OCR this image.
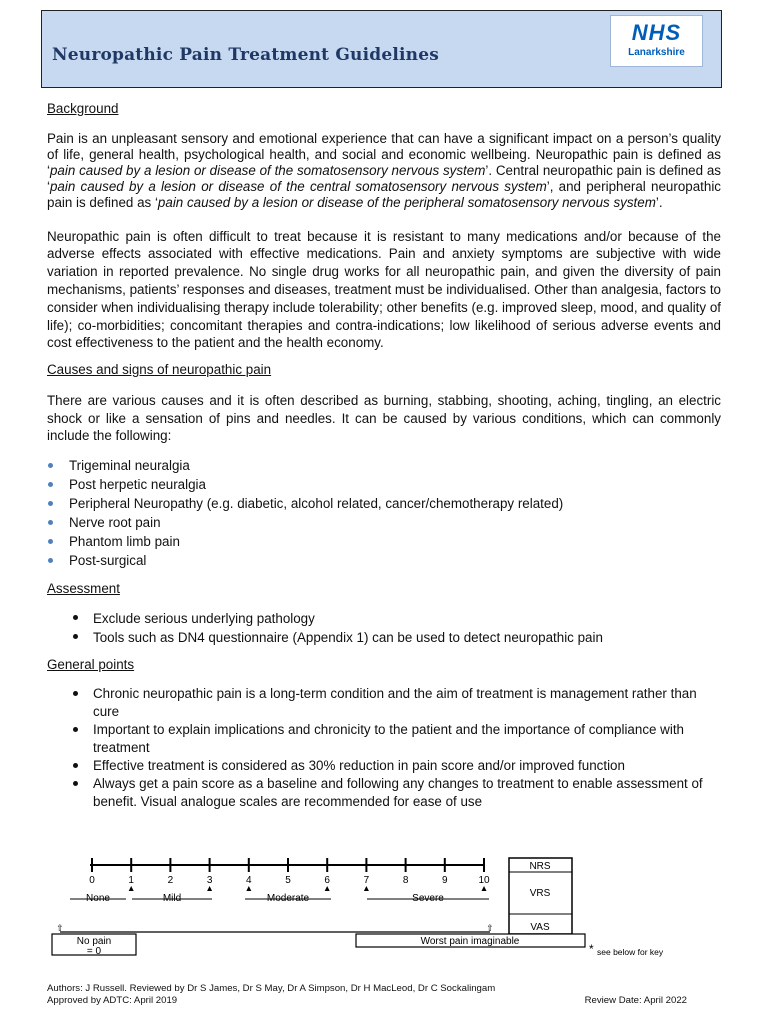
Neuropathic Pain Treatment Guidelines
NHS
Lanarkshire
Background

Pain is an unpleasant sensory and emotional experience that can have a significant impact on a person’s quality of life, general health, psychological health, and social and economic wellbeing. Neuropathic pain is defined as ‘pain caused by a lesion or disease of the somatosensory nervous system’. Central neuropathic pain is defined as ‘pain caused by a lesion or disease of the central somatosensory nervous system’, and peripheral neuropathic pain is defined as ‘pain caused by a lesion or disease of the peripheral somatosensory nervous system’.

Neuropathic pain is often difficult to treat because it is resistant to many medications and/or because of the adverse effects associated with effective medications. Pain and anxiety symptoms are subjective with wide variation in reported prevalence. No single drug works for all neuropathic pain, and given the diversity of pain mechanisms, patients’ responses and diseases, treatment must be individualised. Other than analgesia, factors to consider when individualising therapy include tolerability; other benefits (e.g. improved sleep, mood, and quality of life); co-morbidities; concomitant therapies and contra-indications; low likelihood of serious adverse events and cost effectiveness to the patient and the health economy.

Causes and signs of neuropathic pain

There are various causes and it is often described as burning, stabbing, shooting, aching, tingling, an electric shock or like a sensation of pins and needles. It can be caused by various conditions, which can commonly include the following:

Trigeminal neuralgia
Post herpetic neuralgia
Peripheral Neuropathy (e.g. diabetic, alcohol related, cancer/chemotherapy related)
Nerve root pain
Phantom limb pain
Post-surgical
Assessment
Exclude serious underlying pathology
Tools such as DN4 questionnaire (Appendix 1) can be used to detect neuropathic pain
General points
Chronic neuropathic pain is a long-term condition and the aim of treatment is management rather than cure
Important to explain implications and chronicity to the patient and the importance of compliance with treatment
Effective treatment is considered as 30% reduction in pain score and/or improved function
Always get a pain score as a baseline and following any changes to treatment to enable assessment of benefit. Visual analogue scales are recommended for ease of use
0	1	2	3	4	5	6	7	8	9	10
None	Mild	Moderate	Severe
NRS
VRS
VAS
⇧	⇧
No pain
= 0
Worst pain imaginable
* see below for key
Authors: J Russell. Reviewed by Dr S James, Dr S May, Dr A Simpson, Dr H MacLeod, Dr C Sockalingam
Approved by ADTC: April 2019	Review Date: April 2022
